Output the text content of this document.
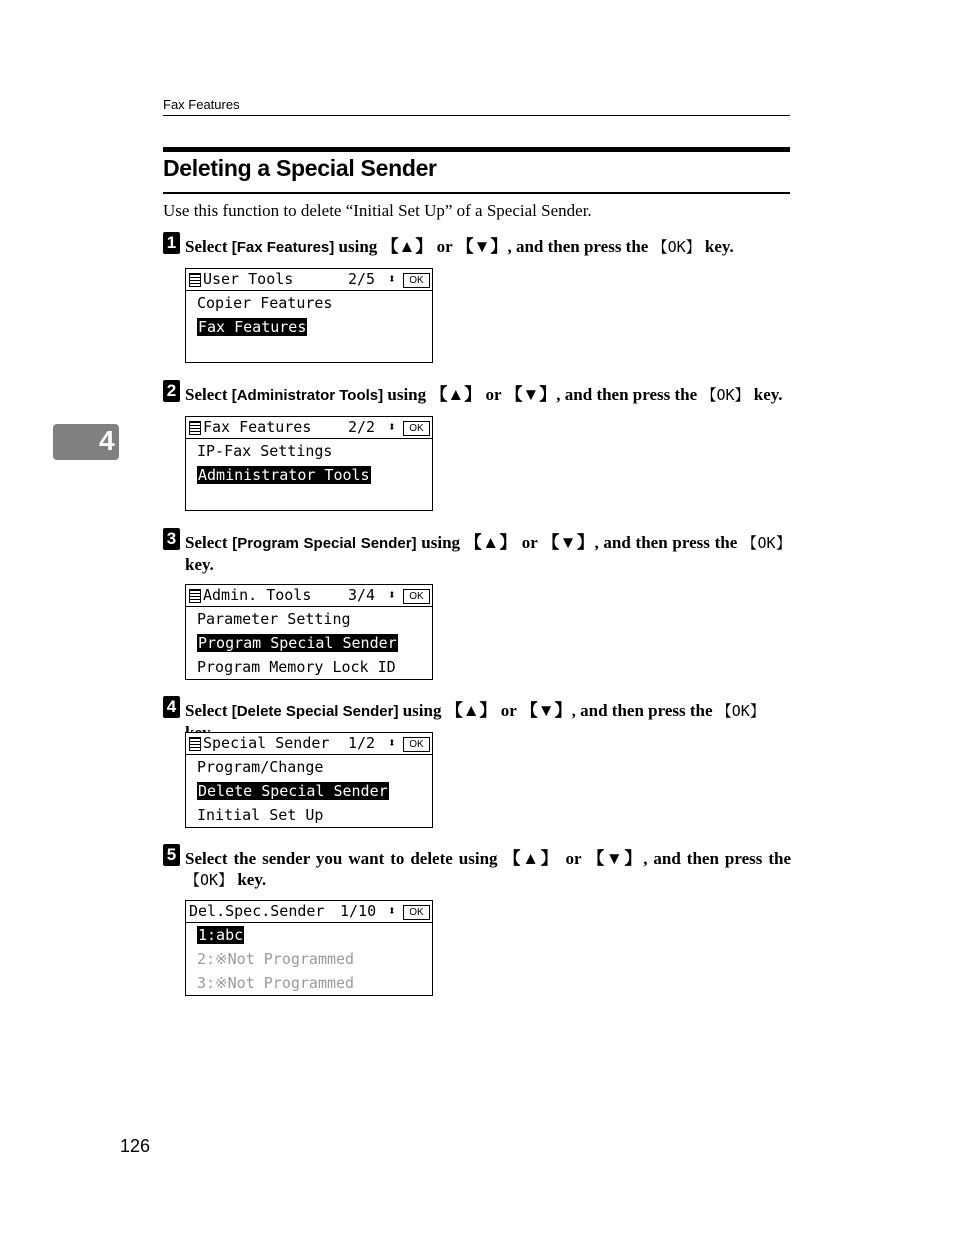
Fax Features
Deleting a Special Sender
Use this function to delete “Initial Set Up” of a Special Sender.
4
1 Select [Fax Features] using 【▲】 or 【▼】, and then press the 【OK】 key.

User Tools

	2/5

⬍

	OK

Copier Features
Fax Features
2 Select [Administrator Tools] using 【▲】 or 【▼】, and then press the 【OK】 key.

Fax Features

2/2

⬍

	OK

IP-Fax Settings
Administrator Tools
3 Select [Program Special Sender] using 【▲】 or 【▼】, and then press the 【OK】 key.

Admin. Tools

3/4

⬍

	OK

Parameter Setting
Program Special Sender
Program Memory Lock ID
4 Select [Delete Special Sender] using 【▲】 or 【▼】, and then press the 【OK】

Special Sender

1/2

⬍

	OK

Program/Change
Delete Special Sender
Initial Set Up
5 Select the sender you want to delete using 【▲】 or 【▼】, and then press the 【OK】 key.

Del.Spec.Sender

1/10

⬍

	OK

1:abc
2:※Not Programmed
3:※Not Programmed
126
